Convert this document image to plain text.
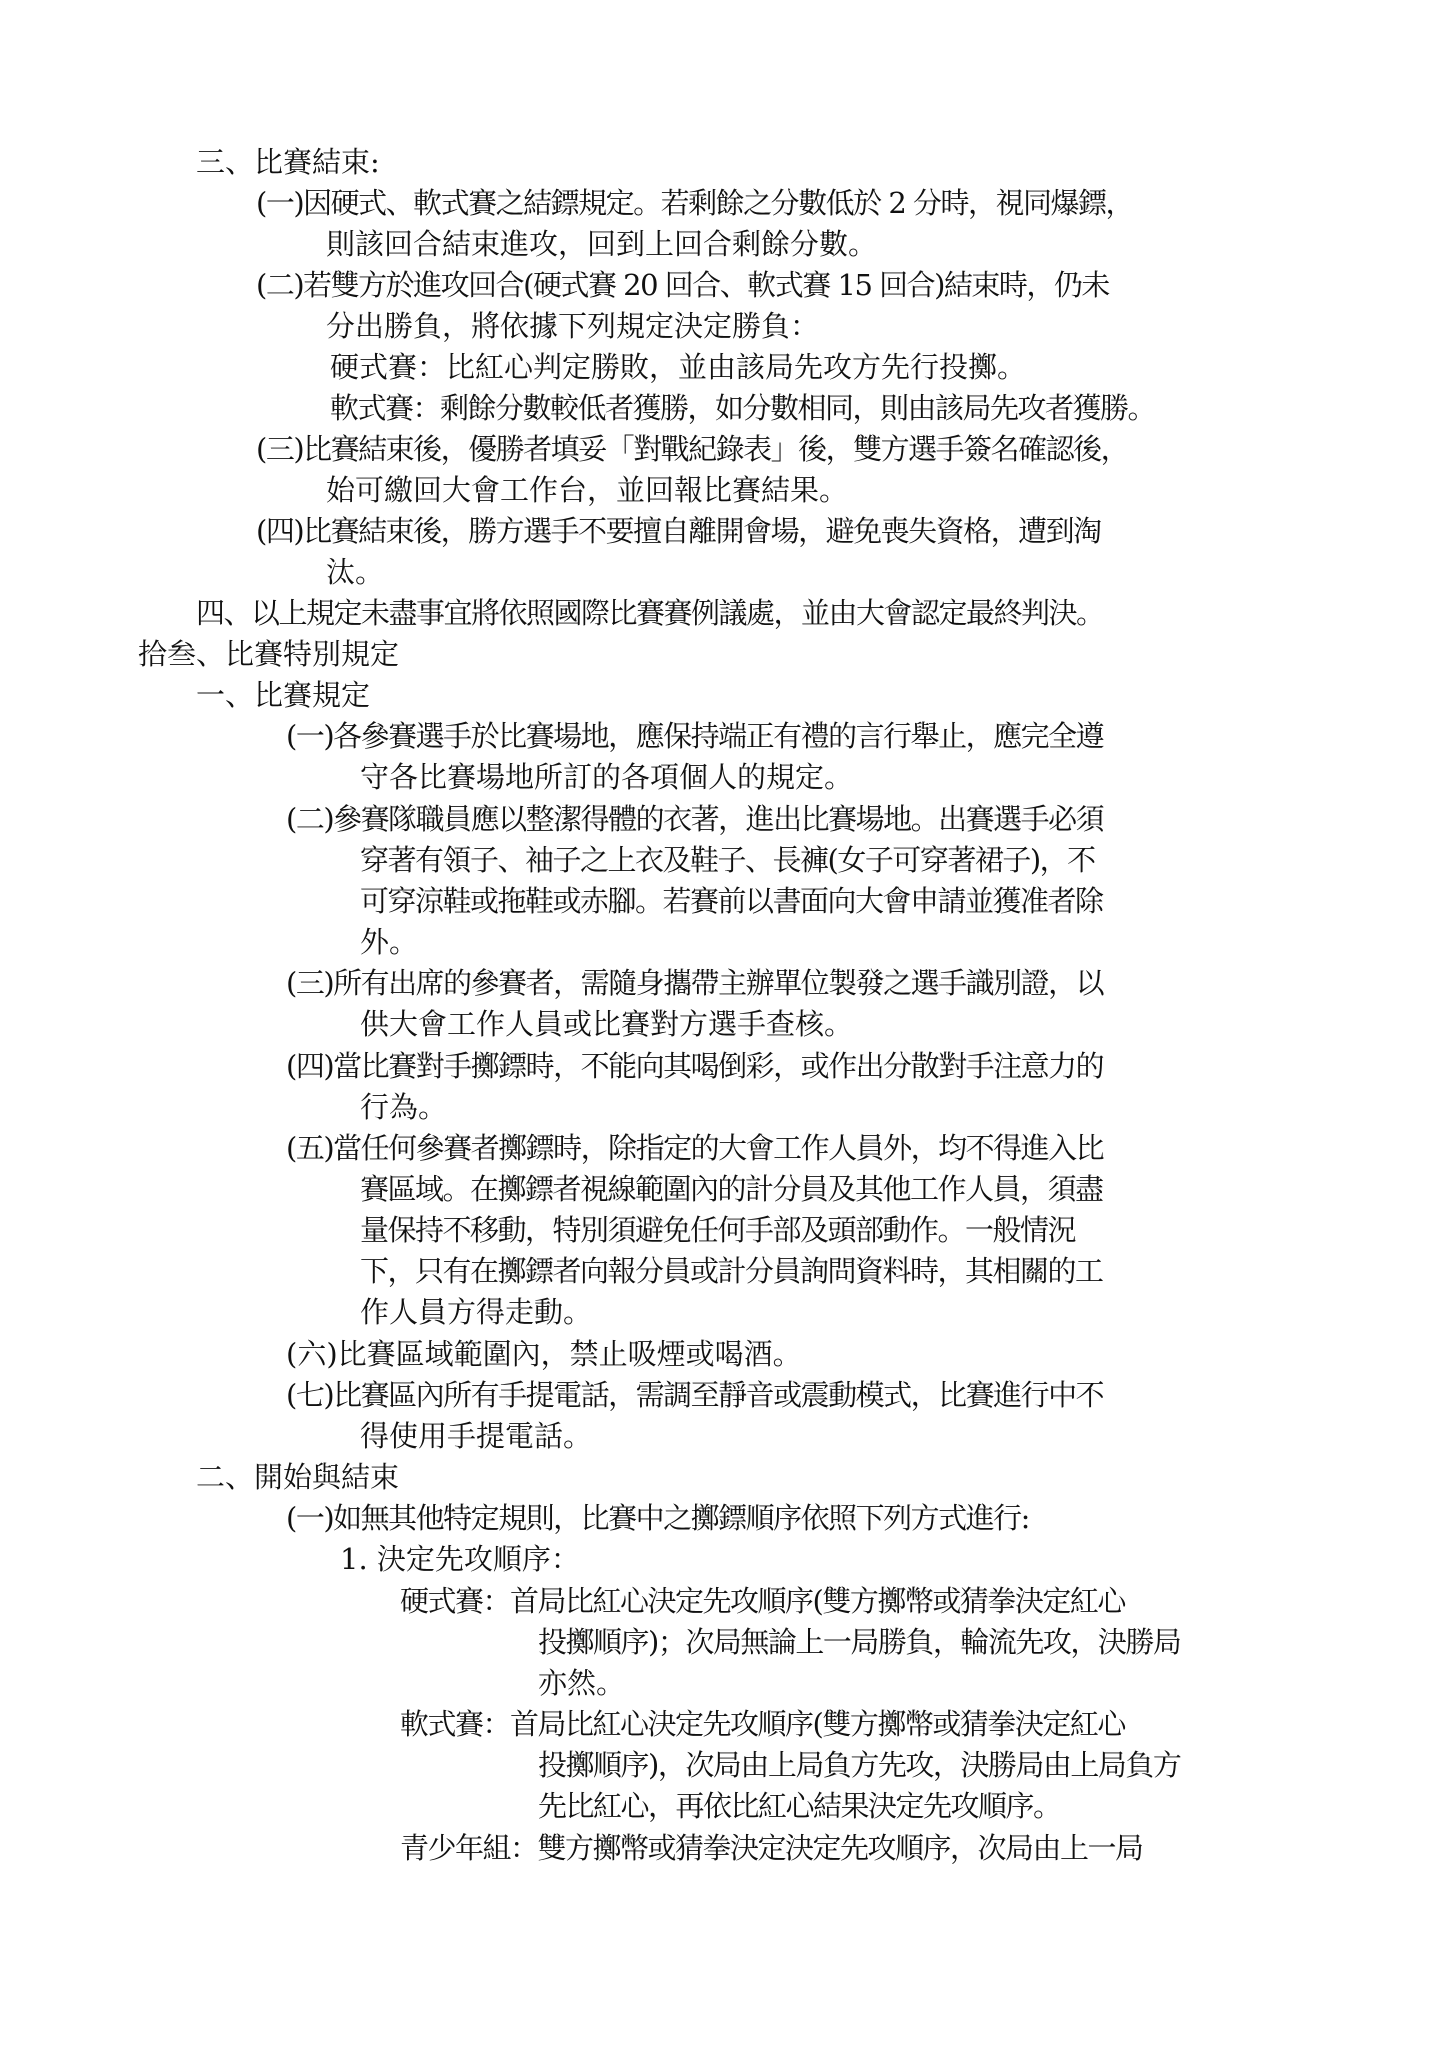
三、比賽結束:
(一)因硬式、軟式賽之結鏢規定。若剩餘之分數低於 2 分時，視同爆鏢，
則該回合結束進攻，回到上回合剩餘分數。
(二)若雙方於進攻回合(硬式賽 20 回合、軟式賽 15 回合)結束時，仍未
分出勝負，將依據下列規定決定勝負：
硬式賽：比紅心判定勝敗，並由該局先攻方先行投擲。
軟式賽：剩餘分數較低者獲勝，如分數相同，則由該局先攻者獲勝。
(三)比賽結束後，優勝者填妥「對戰紀錄表」後，雙方選手簽名確認後，
始可繳回大會工作台，並回報比賽結果。
(四)比賽結束後，勝方選手不要擅自離開會場，避免喪失資格，遭到淘
汰。
四、以上規定未盡事宜將依照國際比賽賽例議處，並由大會認定最終判決。
拾叁、比賽特別規定
一、比賽規定
(一)各參賽選手於比賽場地，應保持端正有禮的言行舉止，應完全遵
守各比賽場地所訂的各項個人的規定。
(二)參賽隊職員應以整潔得體的衣著，進出比賽場地。出賽選手必須
穿著有領子、袖子之上衣及鞋子、長褲(女子可穿著裙子)，不
可穿涼鞋或拖鞋或赤腳。若賽前以書面向大會申請並獲准者除
外。
(三)所有出席的參賽者，需隨身攜帶主辦單位製發之選手識別證，以
供大會工作人員或比賽對方選手查核。
(四)當比賽對手擲鏢時，不能向其喝倒彩，或作出分散對手注意力的
行為。
(五)當任何參賽者擲鏢時，除指定的大會工作人員外，均不得進入比
賽區域。在擲鏢者視線範圍內的計分員及其他工作人員，須盡
量保持不移動，特別須避免任何手部及頭部動作。一般情況
下，只有在擲鏢者向報分員或計分員詢問資料時，其相關的工
作人員方得走動。
(六)比賽區域範圍內，禁止吸煙或喝酒。
(七)比賽區內所有手提電話，需調至靜音或震動模式，比賽進行中不
得使用手提電話。
二、開始與結束
(一)如無其他特定規則，比賽中之擲鏢順序依照下列方式進行:
1. 決定先攻順序：
硬式賽：首局比紅心決定先攻順序(雙方擲幣或猜拳決定紅心
投擲順序)；次局無論上一局勝負，輪流先攻，決勝局
亦然。
軟式賽：首局比紅心決定先攻順序(雙方擲幣或猜拳決定紅心
投擲順序)，次局由上局負方先攻，決勝局由上局負方
先比紅心，再依比紅心結果決定先攻順序。
青少年組：雙方擲幣或猜拳決定決定先攻順序，次局由上一局
